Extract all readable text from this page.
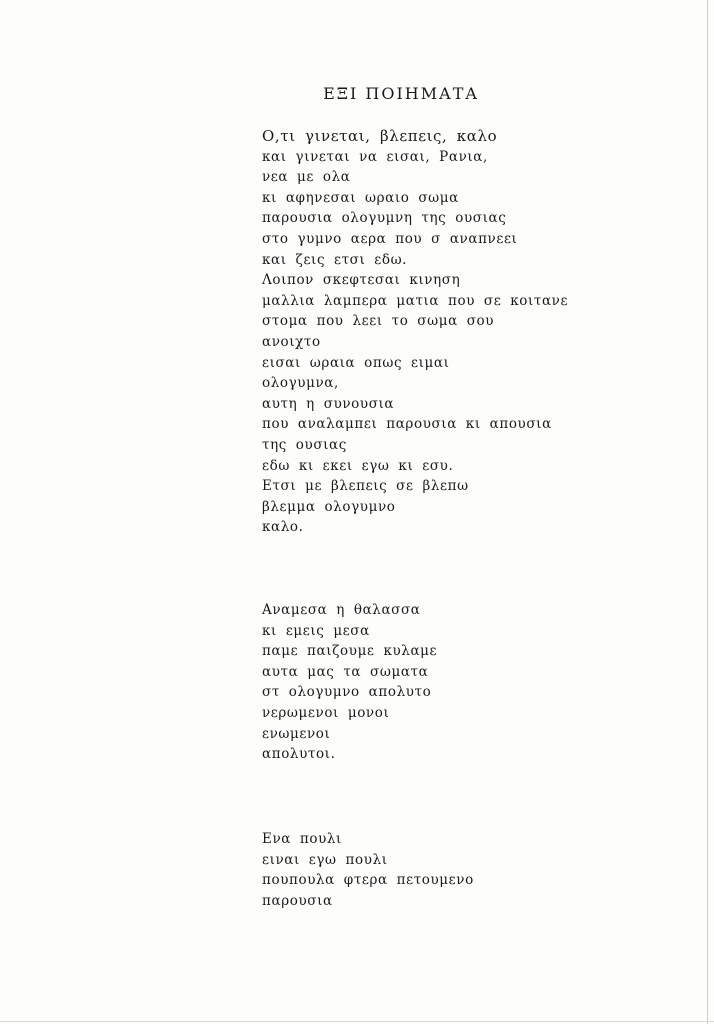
ΕΞΙ ΠΟΙΗΜΑΤΑ
Ο,τι γινεται, βλεπεις, καλο
και γινεται να εισαι, Ρανια,
νεα με ολα
κι αφηνεσαι ωραιο σωμα
παρουσια ολογυμνη της ουσιας
στο γυμνο αερα που σ αναπνεει
και ζεις ετσι εδω.
Λοιπον σκεφτεσαι κινηση
μαλλια λαμπερα ματια που σε κοιτανε
στομα που λεει το σωμα σου
ανοιχτο
εισαι ωραια οπως ειμαι
ολογυμνα,
αυτη η συνουσια
που αναλαμπει παρουσια κι απουσια
της ουσιας
εδω κι εκει εγω κι εσυ.
Ετσι με βλεπεις σε βλεπω
βλεμμα ολογυμνο
καλο.
Αναμεσα η θαλασσα
κι εμεις μεσα
παμε παιζουμε κυλαμε
αυτα μας τα σωματα
στ ολογυμνο απολυτο
νερωμενοι μονοι
ενωμενοι
απολυτοι.
Ενα πουλι
ειναι εγω πουλι
πουπουλα φτερα πετουμενο
παρουσια
